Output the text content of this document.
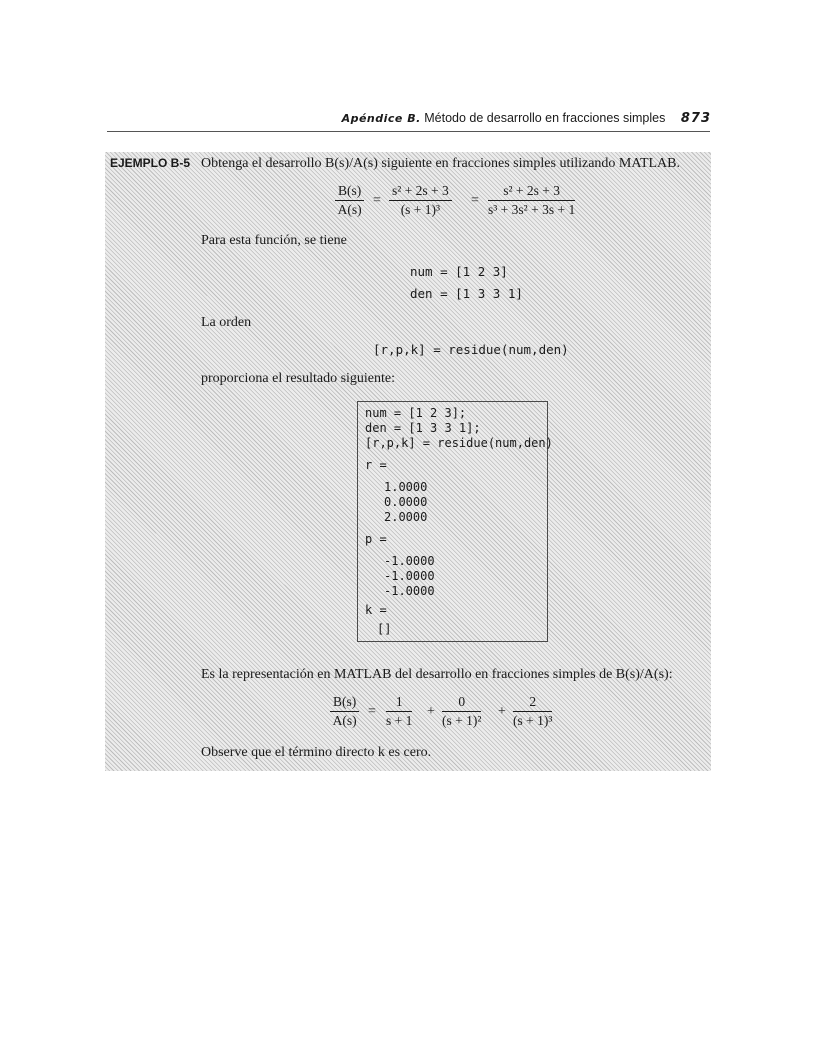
Apéndice B. Método de desarrollo en fracciones simples 873
EJEMPLO B-5 Obtenga el desarrollo B(s)/A(s) siguiente en fracciones simples utilizando MATLAB.
$\frac{B(s)}{A(s)} = \frac{\text{s² + 2s + 3}}{\text{(s + 1)³}} = \frac{\text{s² + 2s + 3}}{\text{s³ + 3s² + 3s + 1}}$
Para esta función, se tiene
num = [1 2 3]
den = [1 3 3 1]
La orden
[r,p,k] = residue(num,den)
proporciona el resultado siguiente:
num = [1 2 3];
den = [1 3 3 1];
[r,p,k] = residue(num,den)
r =
1.0000
0.0000
2.0000
p =
-1.0000
-1.0000
-1.0000
k =
[]
Es la representación en MATLAB del desarrollo en fracciones simples de B(s)/A(s):
$\frac{B(s)}{A(s)} = \frac{1}{s + 1} + \frac{0}{\text{(s + 1)²}} + \frac{2}{\text{(s + 1)³}}$
Observe que el término directo k es cero.
